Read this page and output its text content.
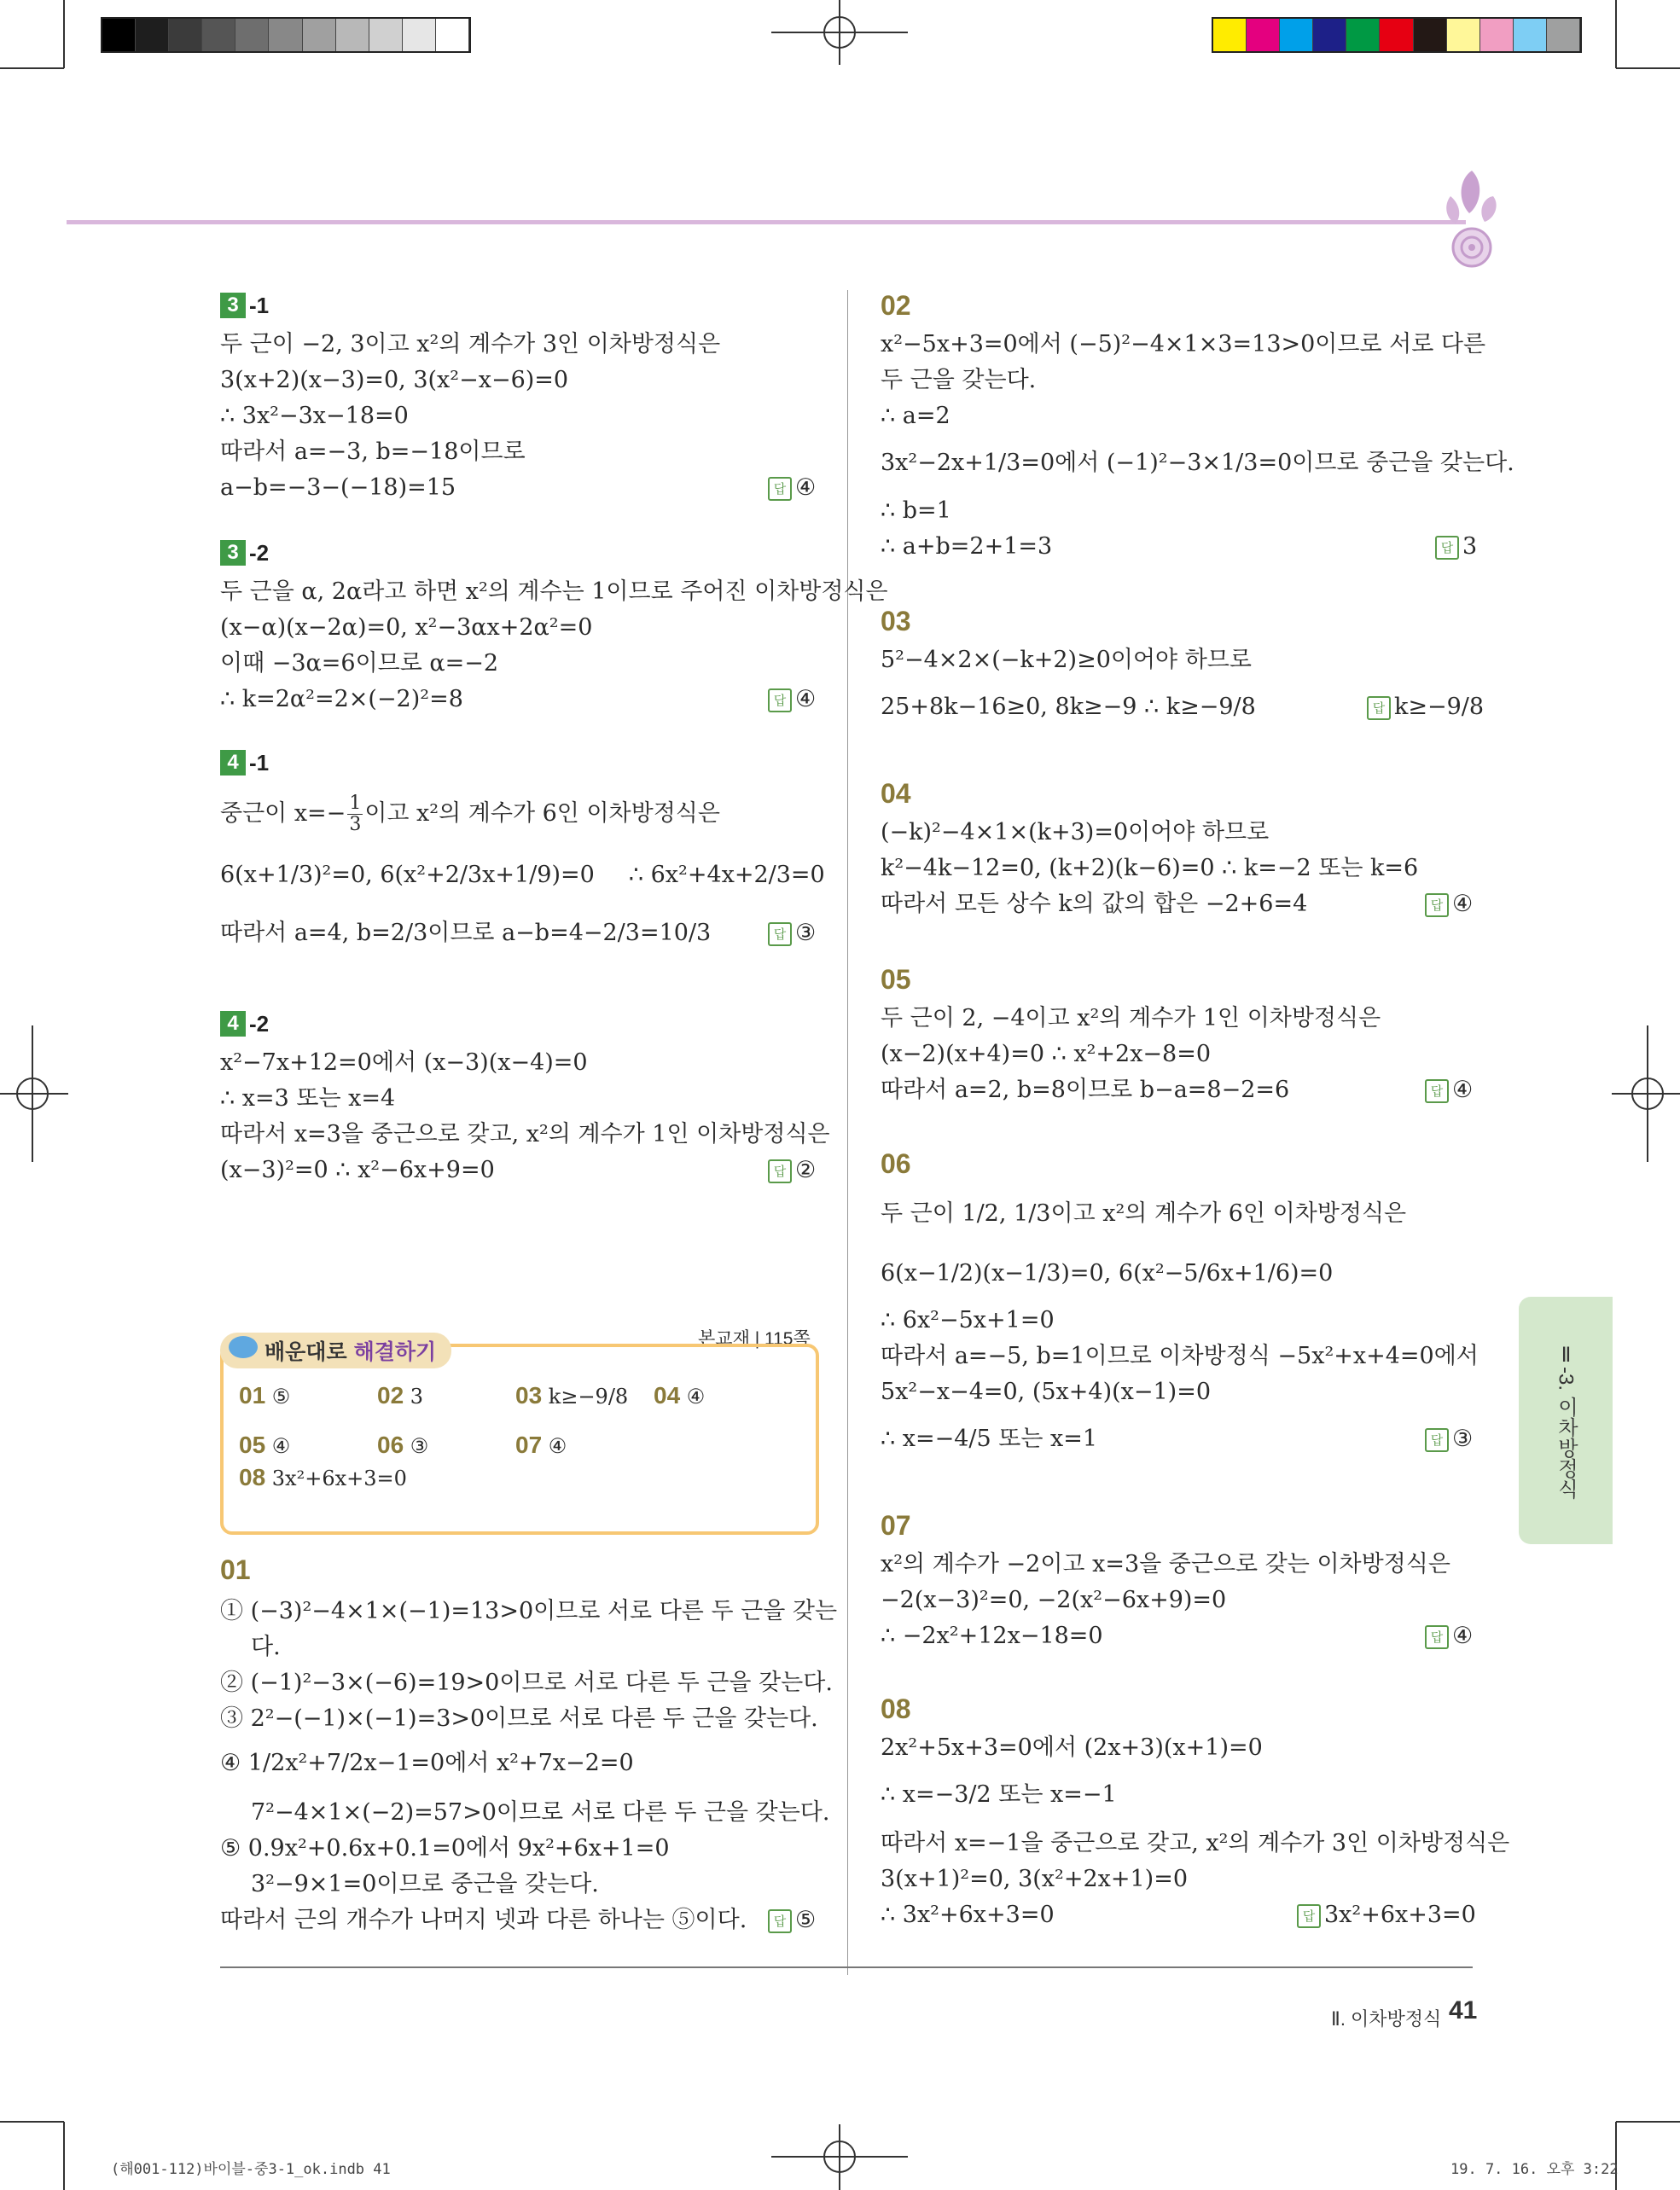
3 -1
두 근이 −2, 3이고 x²의 계수가 3인 이차방정식은
3(x+2)(x−3)=0, 3(x²−x−6)=0
∴ 3x²−3x−18=0
따라서 a=−3, b=−18이므로
a−b=−3−(−18)=15	답 ④
3 -2
두 근을 α, 2α라고 하면 x²의 계수는 1이므로 주어진 이차방정식은
(x−α)(x−2α)=0, x²−3αx+2α²=0
이때 −3α=6이므로 α=−2
∴ k=2α²=2×(−2)²=8	답 ④
4 -1
중근이 $x=- \frac{1}{3}$ 이고 x²의 계수가 6인 이차방정식은
6(x+1/3)²=0, 6(x²+2/3x+1/9)=0 ∴ 6x²+4x+2/3=0
따라서 a=4, b=2/3이므로 a−b=4−2/3=10/3	답 ③
4 -2
x²−7x+12=0에서 (x−3)(x−4)=0
∴ x=3 또는 x=4
따라서 x=3을 중근으로 갖고, x²의 계수가 1인 이차방정식은
(x−3)²=0 ∴ x²−6x+9=0	답 ②
본교재 | 115쪽
배운대로 해결하기
01 ⑤	02 3	03 k≥−9/8 04 ④
05 ④	06 ③	07 ④
08 3x²+6x+3=0
01
① (−3)²−4×1×(−1)=13>0이므로 서로 다른 두 근을 갖는
다.
② (−1)²−3×(−6)=19>0이므로 서로 다른 두 근을 갖는다.
③ 2²−(−1)×(−1)=3>0이므로 서로 다른 두 근을 갖는다.
④ 1/2x²+7/2x−1=0에서 x²+7x−2=0
7²−4×1×(−2)=57>0이므로 서로 다른 두 근을 갖는다.
⑤ 0.9x²+0.6x+0.1=0에서 9x²+6x+1=0
3²−9×1=0이므로 중근을 갖는다.
따라서 근의 개수가 나머지 넷과 다른 하나는 ⑤이다.	답 ⑤
02
x²−5x+3=0에서 (−5)²−4×1×3=13>0이므로 서로 다른
두 근을 갖는다.
∴ a=2
3x²−2x+1/3=0에서 (−1)²−3×1/3=0이므로 중근을 갖는다.
∴ b=1
∴ a+b=2+1=3	답 3
03
5²−4×2×(−k+2)≥0이어야 하므로
25+8k−16≥0, 8k≥−9 ∴ k≥−9/8	답 k≥−9/8
04
(−k)²−4×1×(k+3)=0이어야 하므로
k²−4k−12=0, (k+2)(k−6)=0 ∴ k=−2 또는 k=6
따라서 모든 상수 k의 값의 합은 −2+6=4	답 ④
05
두 근이 2, −4이고 x²의 계수가 1인 이차방정식은
(x−2)(x+4)=0 ∴ x²+2x−8=0
따라서 a=2, b=8이므로 b−a=8−2=6	답 ④
06
두 근이 1/2, 1/3이고 x²의 계수가 6인 이차방정식은
6(x−1/2)(x−1/3)=0, 6(x²−5/6x+1/6)=0
∴ 6x²−5x+1=0
따라서 a=−5, b=1이므로 이차방정식 −5x²+x+4=0에서
5x²−x−4=0, (5x+4)(x−1)=0
∴ x=−4/5 또는 x=1	답 ③
07
x²의 계수가 −2이고 x=3을 중근으로 갖는 이차방정식은
−2(x−3)²=0, −2(x²−6x+9)=0
∴ −2x²+12x−18=0	답 ④
08
2x²+5x+3=0에서 (2x+3)(x+1)=0
∴ x=−3/2 또는 x=−1
따라서 x=−1을 중근으로 갖고, x²의 계수가 3인 이차방정식은
3(x+1)²=0, 3(x²+2x+1)=0
∴ 3x²+6x+3=0	답 3x²+6x+3=0
Ⅱ-3. 이차방정식
Ⅱ. 이차방정식 41
(해001-112)바이블-중3-1_ok.indb 41	19. 7. 16. 오후 3:22
